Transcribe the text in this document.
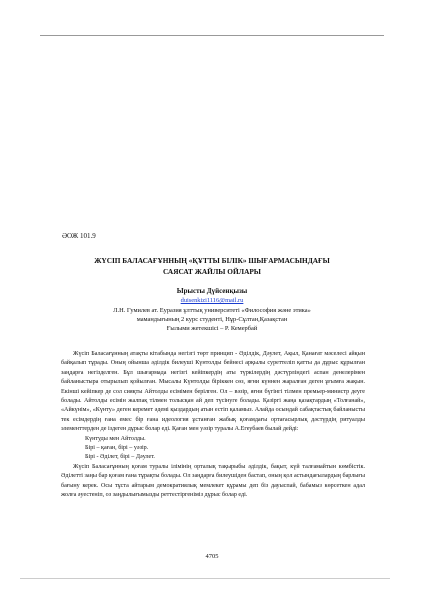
ӘОЖ 101.9
ЖҮСІП БАЛАСАҒҰННЫҢ «ҚҰТТЫ БІЛІК» ШЫҒАРМАСЫНДАҒЫ
САЯСАТ ЖАЙЛЫ ОЙЛАРЫ
Ырысты Дүйсенқызы
duisenkizi1116@mail.ru
Л.Н. Гумилев ат. Еуразия ұлттық университеті «Философия және этика»
мамандығының 2 курс студенті, Нұр-Сұлтан,Қазақстан
Ғылыми жетекшісі – Р. Кемербай

Жүсіп Баласағұнның атақты кітабында негізгі төрт принцип - Әділдік, Дәулет, Ақыл, Қанағат мәселесі айқын байқалып тұрады. Оның ойынша әділдік билеушi Күнтолды бейнесі арқылы суреттелiп қатты да дұрыс құрылған заңдарға негізделген. Бұл шығармада негізгі кейіпкердің аты түркілердің дәстүрлiндегі аспан денелерімен байланыстыра отырылып қойылған. Мысалы Күнтолды біріккен сөз, яғни күннен жаралған деген ұғымға жақын. Екінші кейіпкер де сол сияқты Айтолды есімімен берілген. Ол – вәзір, яғни бүгінгі тілмен премьер-министр деуге болады. Айтолды есімін жалпақ тілмен толысқан ай деп түсінуге болады. Қазіргі жаңа қазақтардың «Толғанай», «Айкүнім», «Күнту» деген керемет әдемі қыздардың атын естіп қаламыз. Алайда осындай сабақтастық байланысты тек есімдердің ғана емес бір ғана идеология ұстанған жабық қоғамдағы ортағасырлық дәстүрдің ритуалды элементтерден де іздеген дұрыс болар еді. Қаған мен уәзір туралы А.Егеубаев былай дейді:

Күнтуды мен Айтолды.

Бірі – қаған, бірі – уәзір.

Бірі - Әділет, бірі – Дәулет.

Жүсіп Баласағұнның қоғам туралы ілімінің орталық тақырыбы әділдік, бақыт, күй талғамайтын көмбістік. Әділетті заңы бар қоғам ғана тұрақты болады. Ол заңдарға билеушіден бастап, оның қол астындағылардың барлығы бағыну керек. Осы тұста айтарым демократиялық мемлекет құрамы деп біз дауыспай, бабамыз көрсеткен адал жолға әуестенiп, оз заңдылығымызды реттестіргеніміз дұрыс болар еді.

4705
